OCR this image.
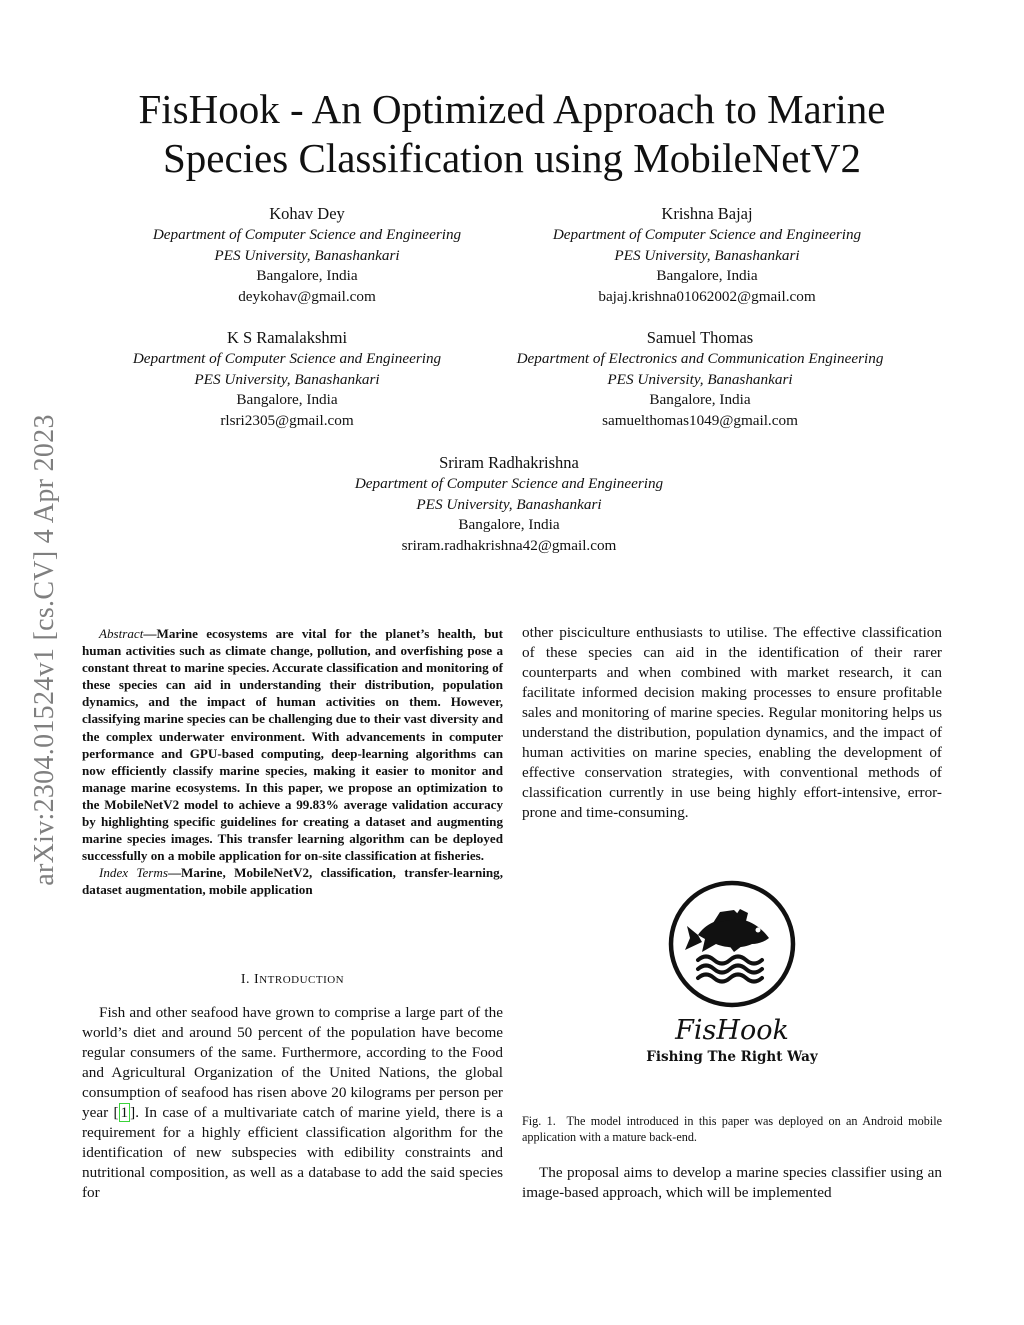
arXiv:2304.01524v1 [cs.CV] 4 Apr 2023
FisHook - An Optimized Approach to Marine
Species Classification using MobileNetV2
Kohav Dey
Department of Computer Science and Engineering
PES University, Banashankari
Bangalore, India
deykohav@gmail.com
Krishna Bajaj
Department of Computer Science and Engineering
PES University, Banashankari
Bangalore, India
bajaj.krishna01062002@gmail.com
K S Ramalakshmi
Department of Computer Science and Engineering
PES University, Banashankari
Bangalore, India
rlsri2305@gmail.com
Samuel Thomas
Department of Electronics and Communication Engineering
PES University, Banashankari
Bangalore, India
samuelthomas1049@gmail.com
Sriram Radhakrishna
Department of Computer Science and Engineering
PES University, Banashankari
Bangalore, India
sriram.radhakrishna42@gmail.com

Abstract—Marine ecosystems are vital for the planet’s health, but human activities such as climate change, pollution, and overfishing pose a constant threat to marine species. Accurate classification and monitoring of these species can aid in understanding their distribution, population dynamics, and the impact of human activities on them. However, classifying marine species can be challenging due to their vast diversity and the complex underwater environment. With advancements in computer performance and GPU-based computing, deep-learning algorithms can now efficiently classify marine species, making it easier to monitor and manage marine ecosystems. In this paper, we propose an optimization to the MobileNetV2 model to achieve a 99.83% average validation accuracy by highlighting specific guidelines for creating a dataset and augmenting marine species images. This transfer learning algorithm can be deployed successfully on a mobile application for on-site classification at fisheries.

Index Terms—Marine, MobileNetV2, classification, transfer-learning, dataset augmentation, mobile application

I. INTRODUCTION

Fish and other seafood have grown to comprise a large part of the world’s diet and around 50 percent of the population have become regular consumers of the same. Furthermore, according to the Food and Agricultural Organization of the United Nations, the global consumption of seafood has risen above 20 kilograms per person per year [ 1 ]. In case of a multivariate catch of marine yield, there is a requirement for a highly efficient classification algorithm for the identification of new subspecies with edibility constraints and nutritional composition, as well as a database to add the said species for

other pisciculture enthusiasts to utilise. The effective classification of these species can aid in the identification of their rarer counterparts and when combined with market research, it can facilitate informed decision making processes to ensure profitable sales and monitoring of marine species. Regular monitoring helps us understand the distribution, population dynamics, and the impact of human activities on marine species, enabling the development of effective conservation strategies, with conventional methods of classification currently in use being highly effort-intensive, error-prone and time-consuming.

FisHook
Fishing The Right Way
Fig. 1. The model introduced in this paper was deployed on an Android mobile application with a mature back-end.

The proposal aims to develop a marine species classifier using an image-based approach, which will be implemented
